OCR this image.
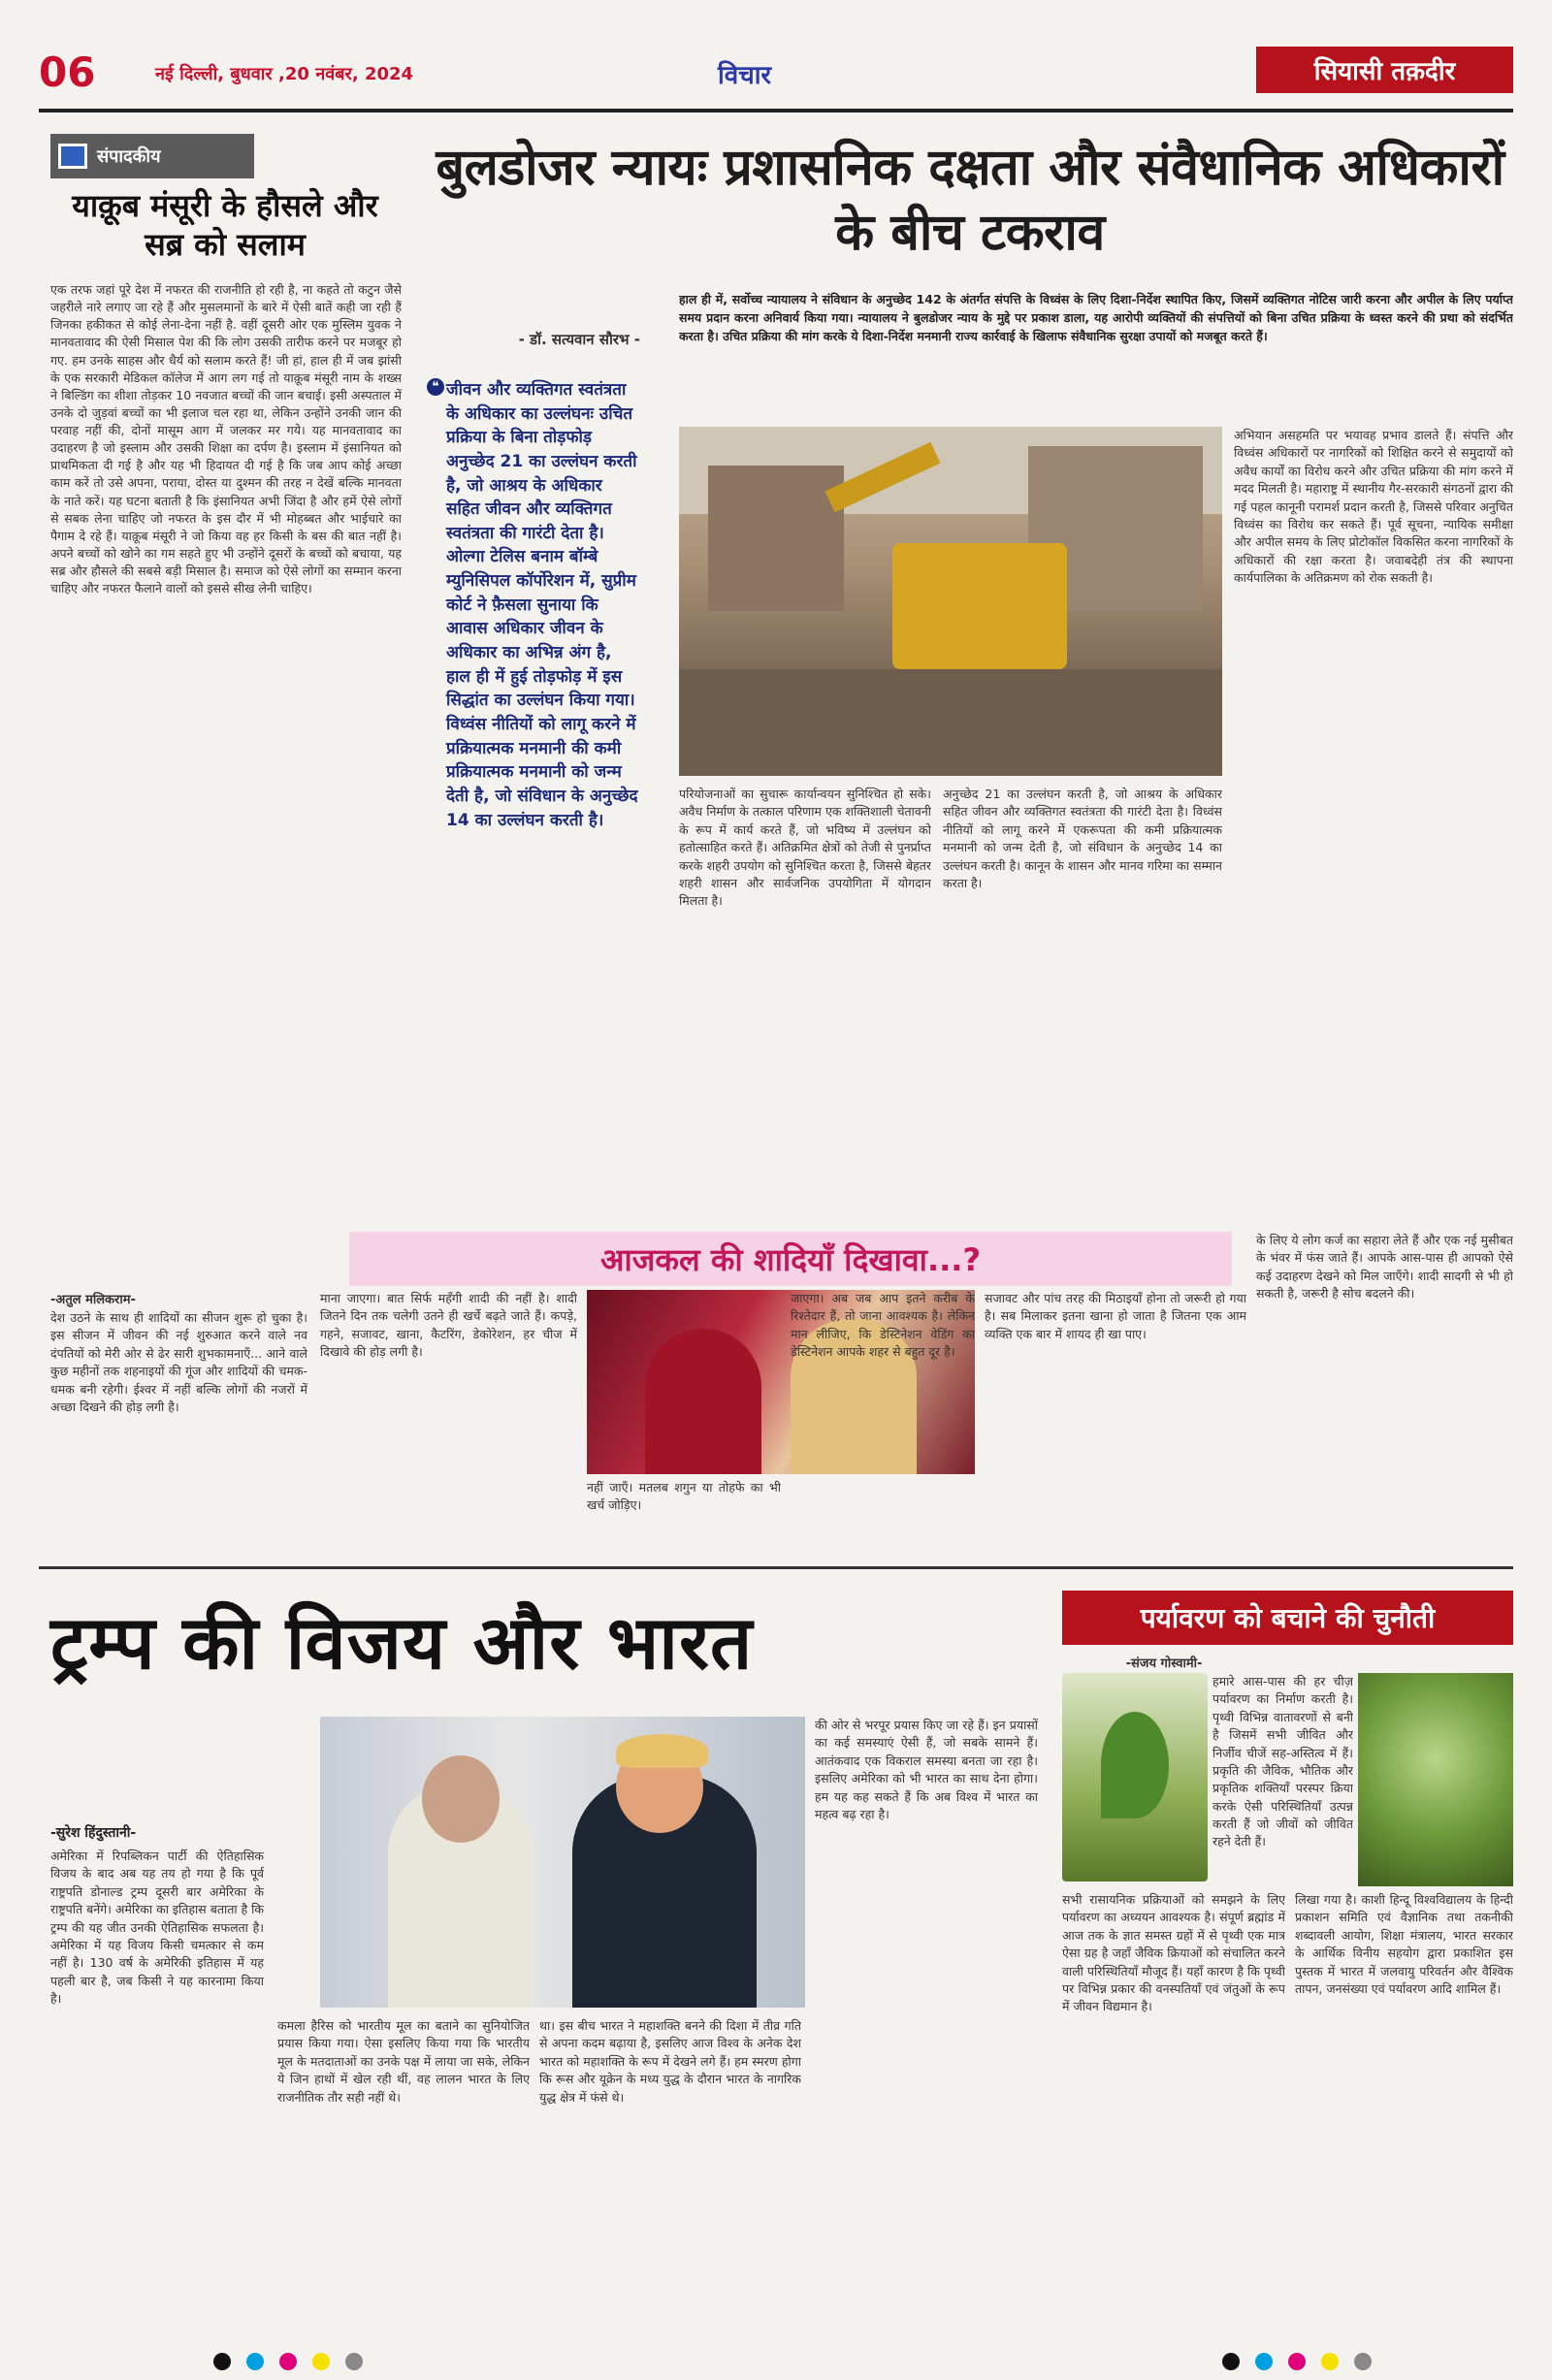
06	नई दिल्ली, बुधवार ,20 नवंबर, 2024	विचार	सियासी तक़दीर
संपादकीय
याक़ूब मंसूरी के हौसले और सब्र को सलाम
एक तरफ जहां पूरे देश में नफरत की राजनीति हो रही है, ना कहते तो कटुन जैसे जहरीले नारे लगाए जा रहे हैं और मुसलमानों के बारे में ऐसी बातें कही जा रही हैं जिनका हकीकत से कोई लेना-देना नहीं है. वहीं दूसरी ओर एक मुस्लिम युवक ने मानवतावाद की ऐसी मिसाल पेश की कि लोग उसकी तारीफ करने पर मजबूर हो गए. हम उनके साहस और धैर्य को सलाम करते हैं! जी हां, हाल ही में जब झांसी के एक सरकारी मेडिकल कॉलेज में आग लग गई तो याक़ूब मंसूरी नाम के शख्स ने बिल्डिंग का शीशा तोड़कर 10 नवजात बच्चों की जान बचाई। इसी अस्पताल में उनके दो जुड़वां बच्चों का भी इलाज चल रहा था, लेकिन उन्होंने उनकी जान की परवाह नहीं की, दोनों मासूम आग में जलकर मर गये। यह मानवतावाद का उदाहरण है जो इस्लाम और उसकी शिक्षा का दर्पण है। इस्लाम में इंसानियत को प्राथमिकता दी गई है और यह भी हिदायत दी गई है कि जब आप कोई अच्छा काम करें तो उसे अपना, पराया, दोस्त या दुश्मन की तरह न देखें बल्कि मानवता के नाते करें। यह घटना बताती है कि इंसानियत अभी जिंदा है और हमें ऐसे लोगों से सबक लेना चाहिए जो नफरत के इस दौर में भी मोहब्बत और भाईचारे का पैगाम दे रहे हैं। याक़ूब मंसूरी ने जो किया वह हर किसी के बस की बात नहीं है। अपने बच्चों को खोने का गम सहते हुए भी उन्होंने दूसरों के बच्चों को बचाया, यह सब्र और हौसले की सबसे बड़ी मिसाल है। समाज को ऐसे लोगों का सम्मान करना चाहिए और नफरत फैलाने वालों को इससे सीख लेनी चाहिए।
बुलडोजर न्यायः प्रशासनिक दक्षता और संवैधानिक अधिकारों के बीच टकराव
- डॉ. सत्यवान सौरभ -
हाल ही में, सर्वोच्च न्यायालय ने संविधान के अनुच्छेद 142 के अंतर्गत संपत्ति के विध्वंस के लिए दिशा-निर्देश स्थापित किए, जिसमें व्यक्तिगत नोटिस जारी करना और अपील के लिए पर्याप्त समय प्रदान करना अनिवार्य किया गया। न्यायालय ने बुलडोजर न्याय के मुद्दे पर प्रकाश डाला, यह आरोपी व्यक्तियों की संपत्तियों को बिना उचित प्रक्रिया के ध्वस्त करने की प्रथा को संदर्भित करता है। उचित प्रक्रिया की मांग करके ये दिशा-निर्देश मनमानी राज्य कार्रवाई के खिलाफ संवैधानिक सुरक्षा उपायों को मजबूत करते हैं।
❝ जीवन और व्यक्तिगत स्वतंत्रता के अधिकार का उल्लंघनः उचित प्रक्रिया के बिना तोड़फोड़ अनुच्छेद 21 का उल्लंघन करती है, जो आश्रय के अधिकार सहित जीवन और व्यक्तिगत स्वतंत्रता की गारंटी देता है। ओल्गा टेलिस बनाम बॉम्बे म्युनिसिपल कॉर्पोरेशन में, सुप्रीम कोर्ट ने फ़ैसला सुनाया कि आवास अधिकार जीवन के अधिकार का अभिन्न अंग है, हाल ही में हुई तोड़फोड़ में इस सिद्धांत का उल्लंघन किया गया। विध्वंस नीतियों को लागू करने में प्रक्रियात्मक मनमानी की कमी प्रक्रियात्मक मनमानी को जन्म देती है, जो संविधान के अनुच्छेद 14 का उल्लंघन करती है।
अभियान असहमति पर भयावह प्रभाव डालते हैं। संपत्ति और विध्वंस अधिकारों पर नागरिकों को शिक्षित करने से समुदायों को अवैध कार्यों का विरोध करने और उचित प्रक्रिया की मांग करने में मदद मिलती है। महाराष्ट्र में स्थानीय गैर-सरकारी संगठनों द्वारा की गई पहल कानूनी परामर्श प्रदान करती है, जिससे परिवार अनुचित विध्वंस का विरोध कर सकते हैं। पूर्व सूचना, न्यायिक समीक्षा और अपील समय के लिए प्रोटोकॉल विकसित करना नागरिकों के अधिकारों की रक्षा करता है। जवाबदेही तंत्र की स्थापना कार्यपालिका के अतिक्रमण को रोक सकती है।
परियोजनाओं का सुचारू कार्यान्वयन सुनिश्चित हो सके। अवैध निर्माण के तत्काल परिणाम एक शक्तिशाली चेतावनी के रूप में कार्य करते हैं, जो भविष्य में उल्लंघन को हतोत्साहित करते हैं। अतिक्रमित क्षेत्रों को तेजी से पुनर्प्राप्त करके शहरी उपयोग को सुनिश्चित करता है, जिससे बेहतर शहरी शासन और सार्वजनिक उपयोगिता में योगदान मिलता है।
अनुच्छेद 21 का उल्लंघन करती है, जो आश्रय के अधिकार सहित जीवन और व्यक्तिगत स्वतंत्रता की गारंटी देता है। विध्वंस नीतियों को लागू करने में एकरूपता की कमी प्रक्रियात्मक मनमानी को जन्म देती है, जो संविधान के अनुच्छेद 14 का उल्लंघन करती है। कानून के शासन और मानव गरिमा का सम्मान करता है।
आजकल की शादियाँ दिखावा...?
-अतुल मलिकराम-
देश उठने के साथ ही शादियों का सीजन शुरू हो चुका है। इस सीजन में जीवन की नई शुरुआत करने वाले नव दंपतियों को मेरी ओर से ढेर सारी शुभकामनाएँ... आने वाले कुछ महीनों तक शहनाइयों की गूंज और शादियों की चमक-धमक बनी रहेगी। ईश्वर में नहीं बल्कि लोगों की नजरों में अच्छा दिखने की होड़ लगी है।
माना जाएगा। बात सिर्फ महँगी शादी की नहीं है। शादी जितने दिन तक चलेगी उतने ही खर्चे बढ़ते जाते हैं। कपड़े, गहने, सजावट, खाना, कैटरिंग, डेकोरेशन, हर चीज में दिखावे की होड़ लगी है।
नहीं जाएँ। मतलब शगुन या तोहफे का भी खर्च जोड़िए।
जाएगा। अब जब आप इतने करीब के रिश्तेदार हैं, तो जाना आवश्यक है। लेकिन मान लीजिए, कि डेस्टिनेशन वेडिंग का डेस्टिनेशन आपके शहर से बहुत दूर है।
सजावट और पांच तरह की मिठाइयाँ होना तो जरूरी हो गया है। सब मिलाकर इतना खाना हो जाता है जितना एक आम व्यक्ति एक बार में शायद ही खा पाए।
के लिए ये लोग कर्ज का सहारा लेते हैं और एक नई मुसीबत के भंवर में फंस जाते हैं। आपके आस-पास ही आपको ऐसे कई उदाहरण देखने को मिल जाएँगे। शादी सादगी से भी हो सकती है, जरूरी है सोच बदलने की।
ट्रम्प की विजय और भारत
-सुरेश हिंदुस्तानी-
अमेरिका में रिपब्लिकन पार्टी की ऐतिहासिक विजय के बाद अब यह तय हो गया है कि पूर्व राष्ट्रपति डोनाल्ड ट्रम्प दूसरी बार अमेरिका के राष्ट्रपति बनेंगे। अमेरिका का इतिहास बताता है कि ट्रम्प की यह जीत उनकी ऐतिहासिक सफलता है। अमेरिका में यह विजय किसी चमत्कार से कम नहीं है। 130 वर्ष के अमेरिकी इतिहास में यह पहली बार है, जब किसी ने यह कारनामा किया है।
कमला हैरिस को भारतीय मूल का बताने का सुनियोजित प्रयास किया गया। ऐसा इसलिए किया गया कि भारतीय मूल के मतदाताओं का उनके पक्ष में लाया जा सके, लेकिन ये जिन हाथों में खेल रही थीं, वह लालन भारत के लिए राजनीतिक तौर सही नहीं थे।
था। इस बीच भारत ने महाशक्ति बनने की दिशा में तीव्र गति से अपना कदम बढ़ाया है, इसलिए आज विश्व के अनेक देश भारत को महाशक्ति के रूप में देखने लगे हैं। हम स्मरण होगा कि रूस और यूक्रेन के मध्य युद्ध के दौरान भारत के नागरिक युद्ध क्षेत्र में फंसे थे।
की ओर से भरपूर प्रयास किए जा रहे हैं। इन प्रयासों का कई समस्याएं ऐसी हैं, जो सबके सामने हैं। आतंकवाद एक विकराल समस्या बनता जा रहा है। इसलिए अमेरिका को भी भारत का साथ देना होगा। हम यह कह सकते हैं कि अब विश्व में भारत का महत्व बढ़ रहा है।
पर्यावरण को बचाने की चुनौती
-संजय गोस्वामी-
हमारे आस-पास की हर चीज़ पर्यावरण का निर्माण करती है। पृथ्वी विभिन्न वातावरणों से बनी है जिसमें सभी जीवित और निर्जीव चीजें सह-अस्तित्व में हैं। प्रकृति की जैविक, भौतिक और प्रकृतिक शक्तियाँ परस्पर क्रिया करके ऐसी परिस्थितियाँ उत्पन्न करती हैं जो जीवों को जीवित रहने देती हैं।
सभी रासायनिक प्रक्रियाओं को समझने के लिए पर्यावरण का अध्ययन आवश्यक है। संपूर्ण ब्रह्मांड में आज तक के ज्ञात समस्त ग्रहों में से पृथ्वी एक मात्र ऐसा ग्रह है जहाँ जैविक क्रियाओं को संचालित करने वाली परिस्थितियाँ मौजूद हैं। यहाँ कारण है कि पृथ्वी पर विभिन्न प्रकार की वनस्पतियाँ एवं जंतुओं के रूप में जीवन विद्यमान है।
लिखा गया है। काशी हिन्दू विश्वविद्यालय के हिन्दी प्रकाशन समिति एवं वैज्ञानिक तथा तकनीकी शब्दावली आयोग, शिक्षा मंत्रालय, भारत सरकार के आर्थिक विनीय सहयोग द्वारा प्रकाशित इस पुस्तक में भारत में जलवायु परिवर्तन और वैश्विक तापन, जनसंख्या एवं पर्यावरण आदि शामिल हैं।
